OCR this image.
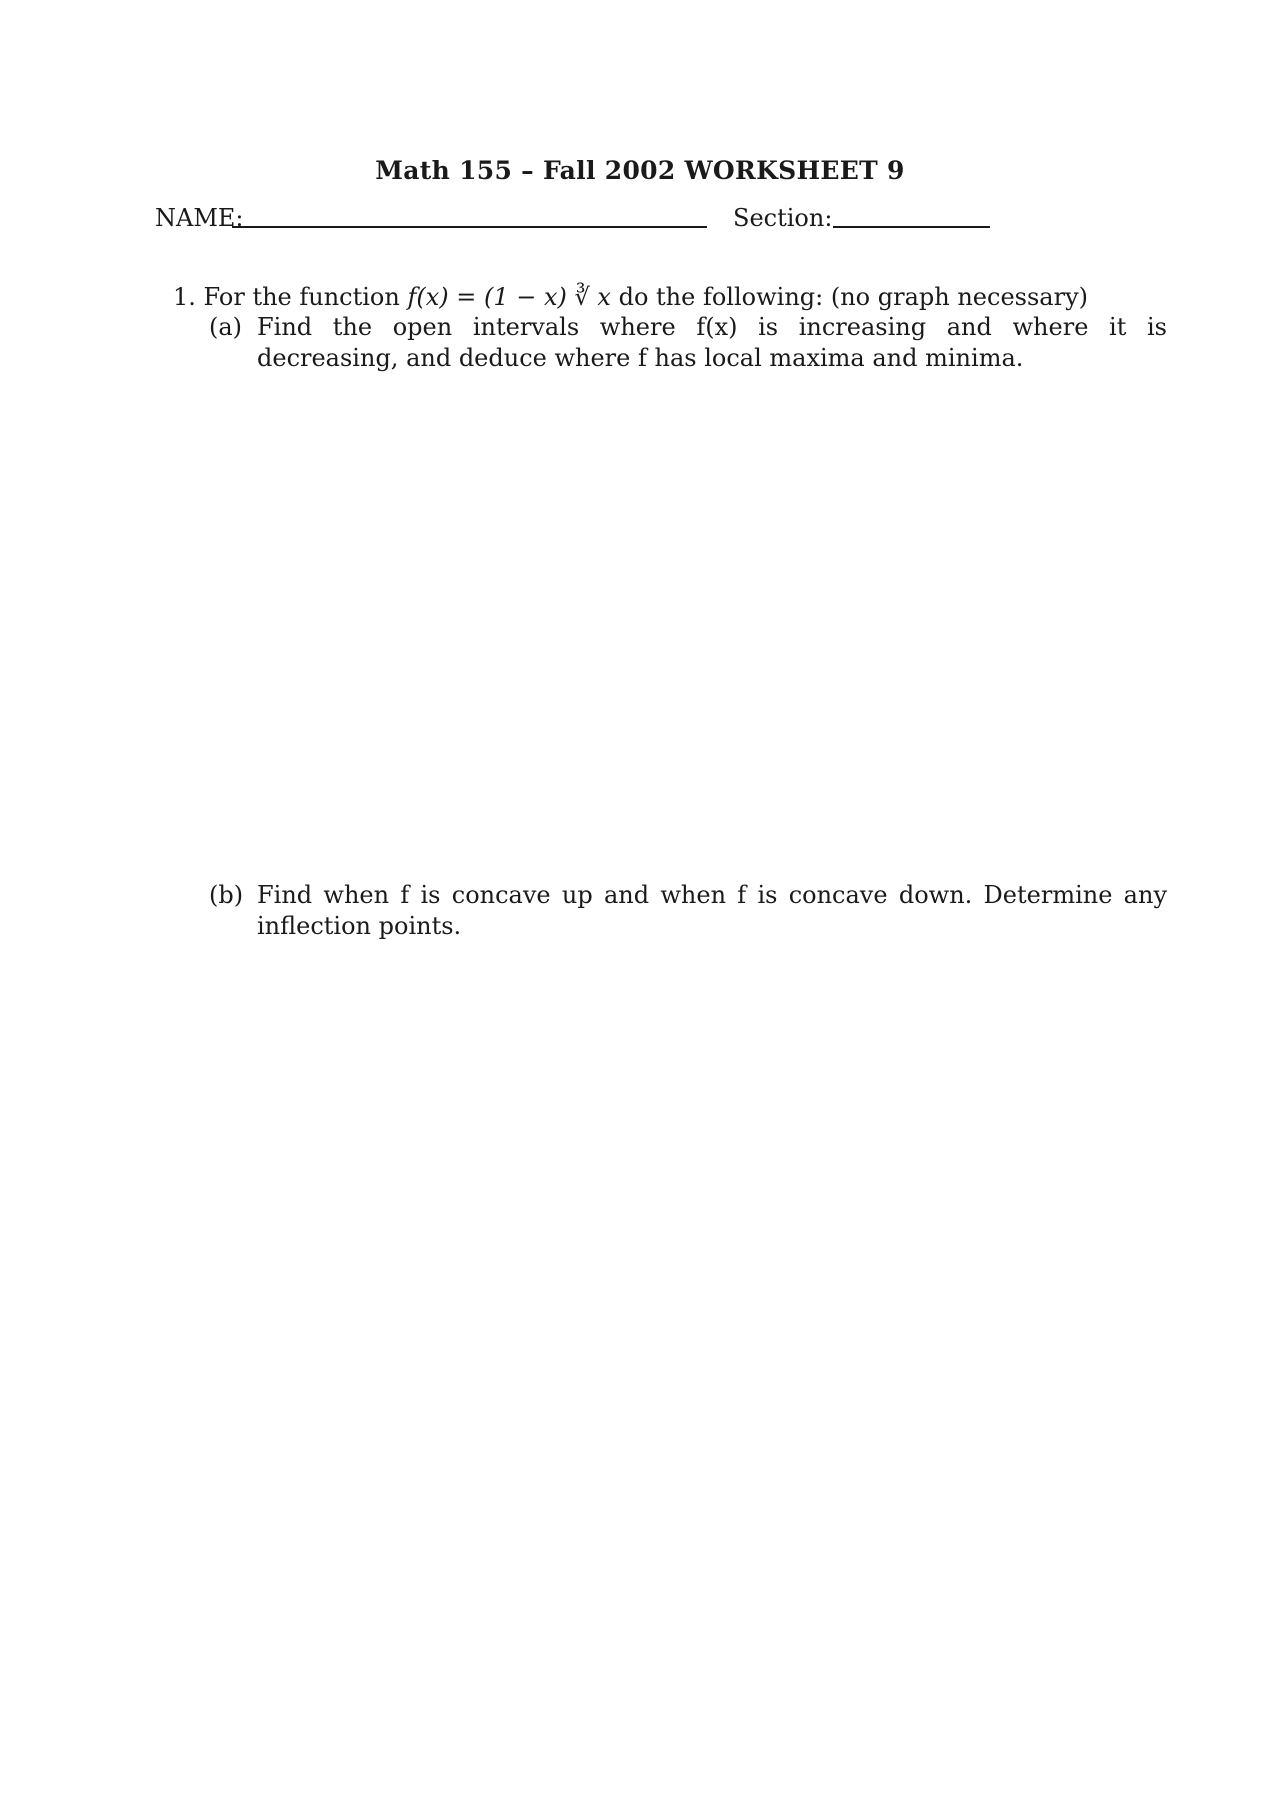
Math 155 – Fall 2002 WORKSHEET 9
NAME:	Section:
1. For the function f(x) = (1 − x) ∛ x do the following: (no graph necessary)
(a) Find the open intervals where f(x) is increasing and where it is decreasing, and deduce where f has local maxima and minima.
(b) Find when f is concave up and when f is concave down. Determine any inflection points.
